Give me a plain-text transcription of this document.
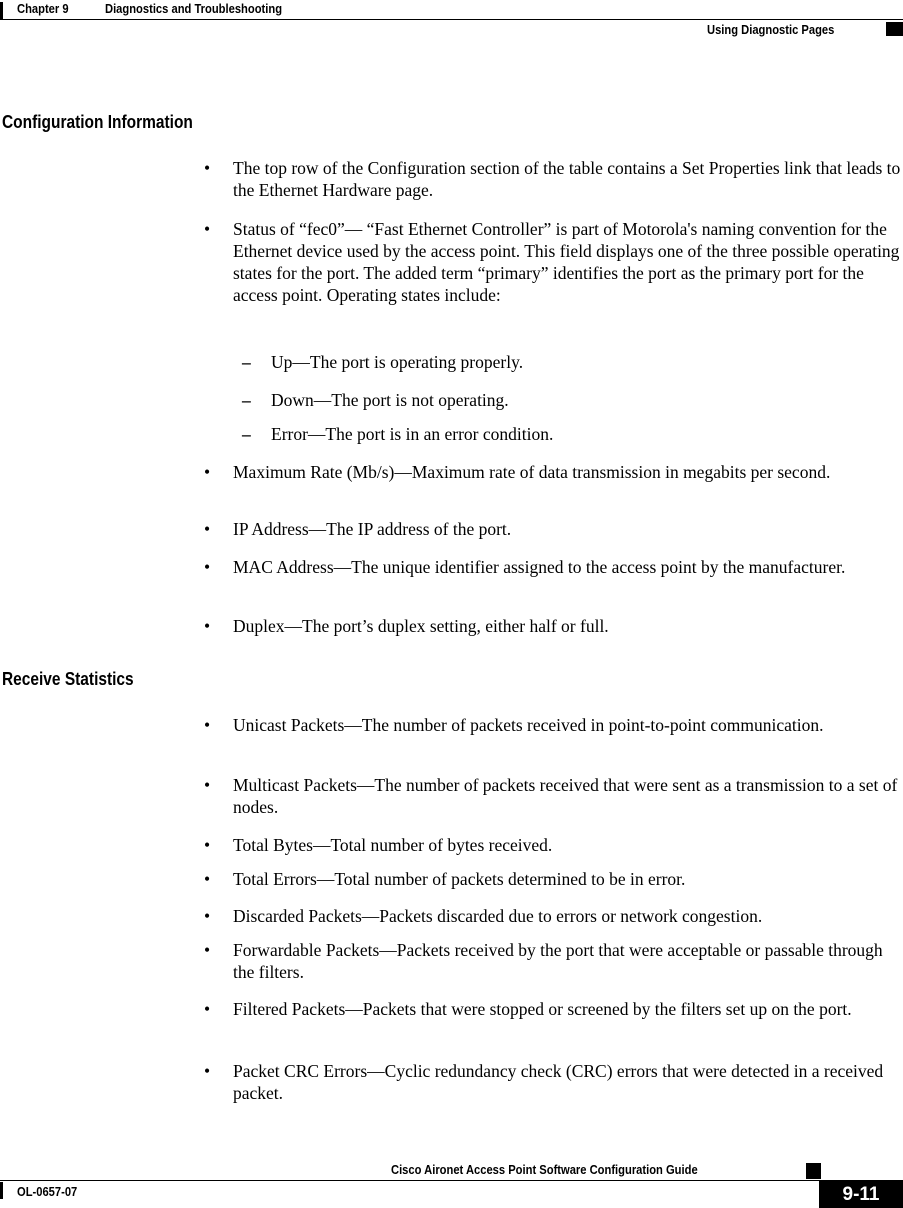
Chapter 9	Diagnostics and Troubleshooting
Using Diagnostic Pages
Configuration Information
• The top row of the Configuration section of the table contains a Set Properties link that leads to the Ethernet Hardware page.
• Status of “fec0”— “Fast Ethernet Controller” is part of Motorola's naming convention for the Ethernet device used by the access point. This field displays one of the three possible operating states for the port. The added term “primary” identifies the port as the primary port for the access point. Operating states include:
– Up—The port is operating properly.
– Down—The port is not operating.
– Error—The port is in an error condition.
• Maximum Rate (Mb/s)—Maximum rate of data transmission in megabits per second.
• IP Address—The IP address of the port.
• MAC Address—The unique identifier assigned to the access point by the manufacturer.
• Duplex—The port’s duplex setting, either half or full.
Receive Statistics
• Unicast Packets—The number of packets received in point-to-point communication.
• Multicast Packets—The number of packets received that were sent as a transmission to a set of nodes.
• Total Bytes—Total number of bytes received.
• Total Errors—Total number of packets determined to be in error.
• Discarded Packets—Packets discarded due to errors or network congestion.
• Forwardable Packets—Packets received by the port that were acceptable or passable through the filters.
• Filtered Packets—Packets that were stopped or screened by the filters set up on the port.
• Packet CRC Errors—Cyclic redundancy check (CRC) errors that were detected in a received packet.
Cisco Aironet Access Point Software Configuration Guide
OL-0657-07	9-11
